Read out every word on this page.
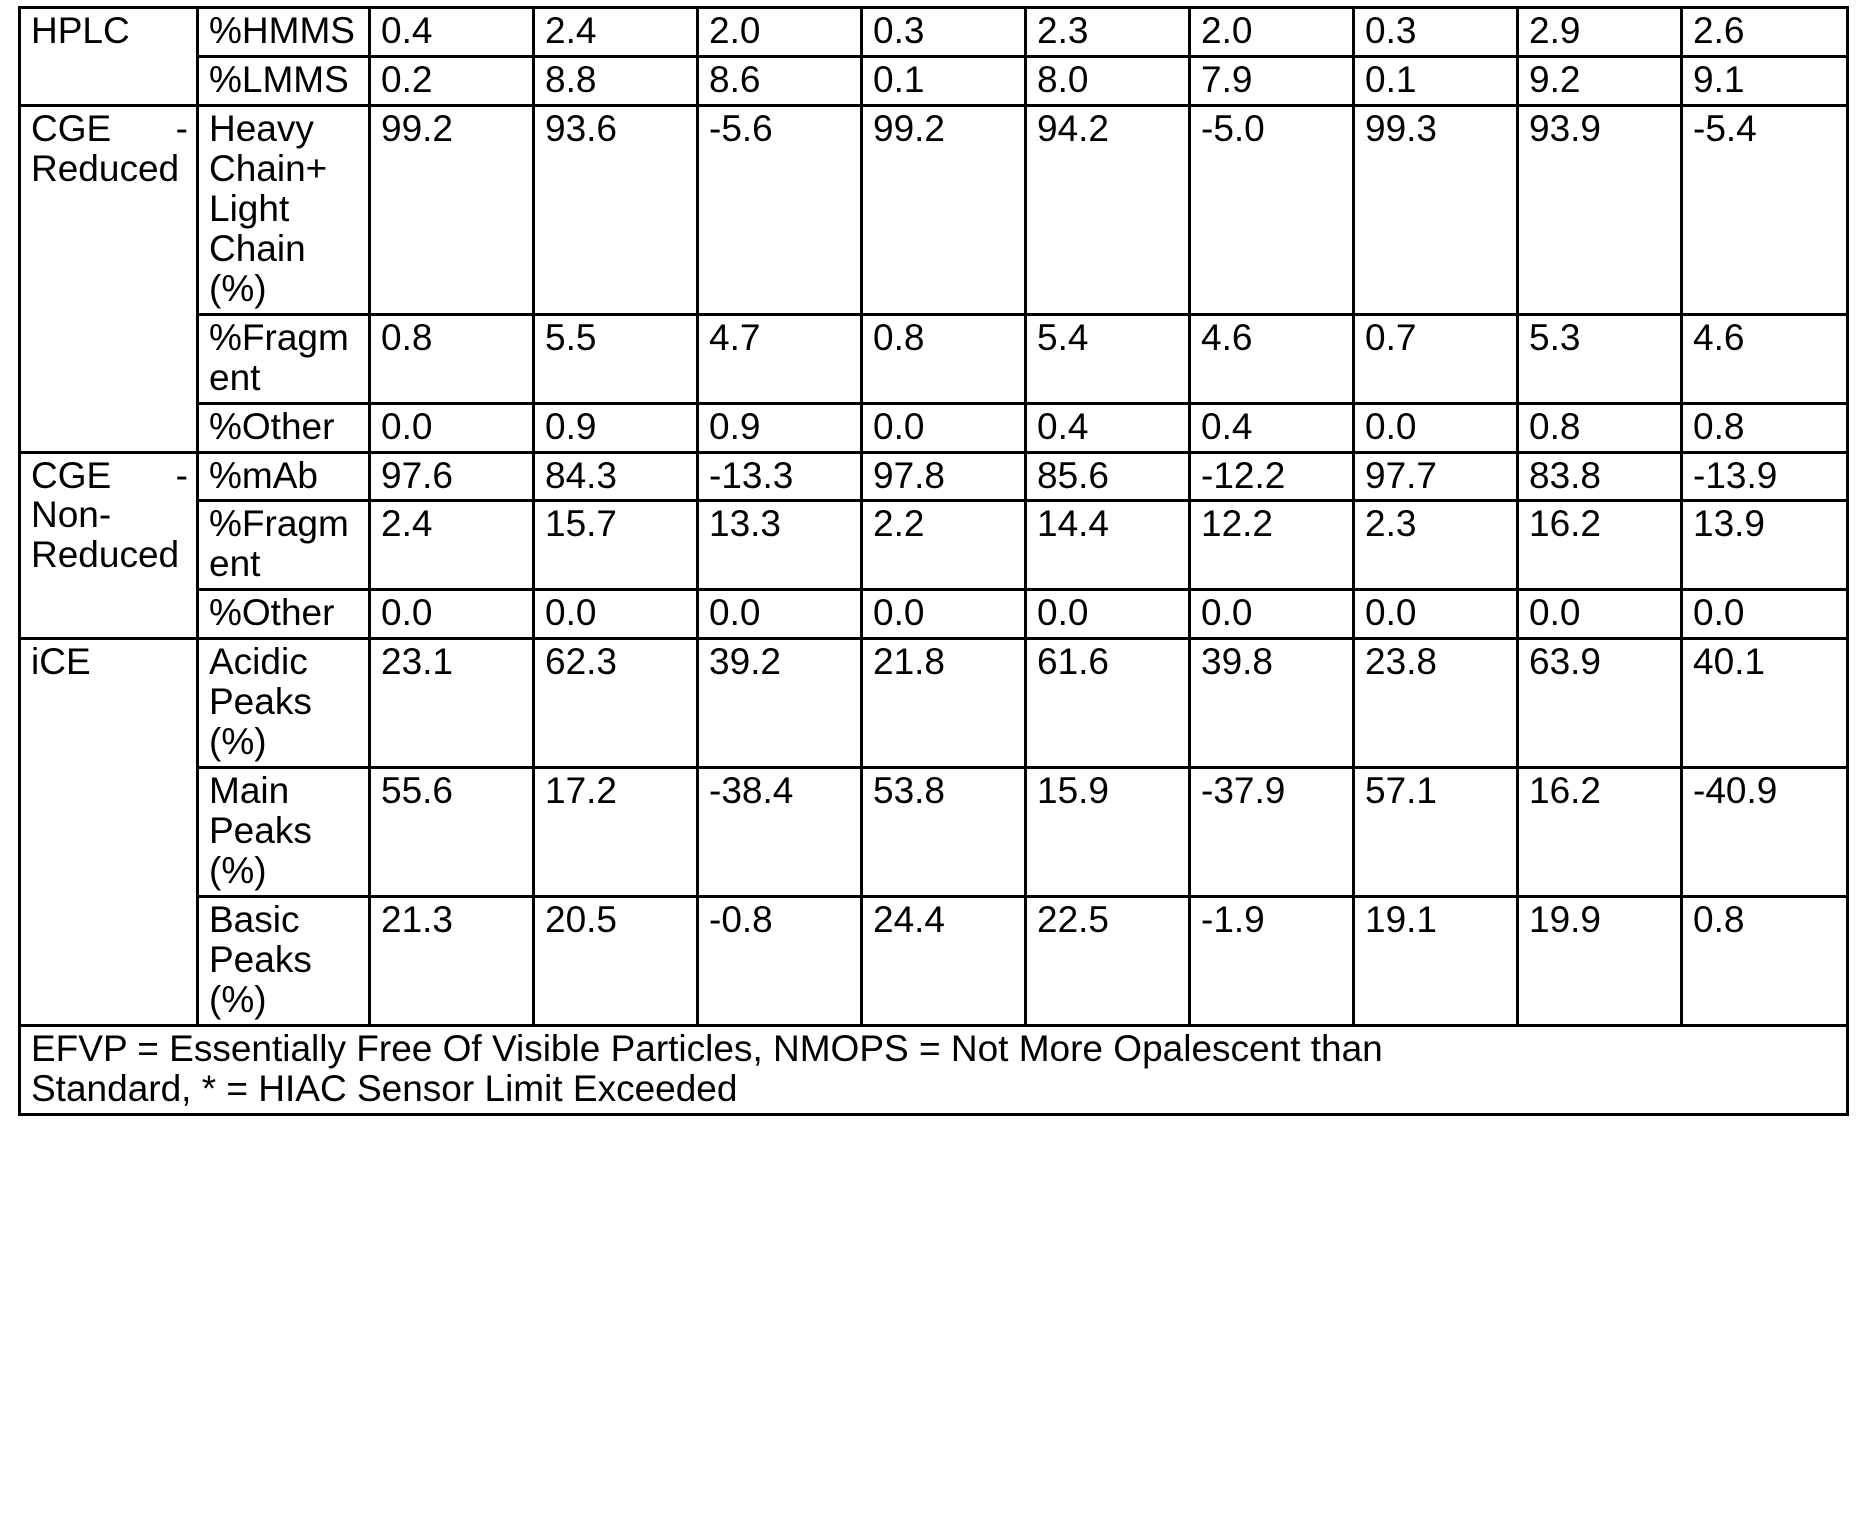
HPLC	%HMMS	0.4	2.4	2.0	0.3	2.3	2.0	0.3	2.9	2.6
	%LMMS	0.2	8.8	8.6	0.1	8.0	7.9	0.1	9.2	9.1
CGE - Reduced	Heavy Chain+ Light Chain (%)	99.2	93.6	-5.6	99.2	94.2	-5.0	99.3	93.9	-5.4
	%Fragment	0.8	5.5	4.7	0.8	5.4	4.6	0.7	5.3	4.6
	%Other	0.0	0.9	0.9	0.0	0.4	0.4	0.0	0.8	0.8
CGE - Non-Reduced	%mAb	97.6	84.3	-13.3	97.8	85.6	-12.2	97.7	83.8	-13.9
	%Fragment	2.4	15.7	13.3	2.2	14.4	12.2	2.3	16.2	13.9
	%Other	0.0	0.0	0.0	0.0	0.0	0.0	0.0	0.0	0.0
iCE	Acidic Peaks (%)	23.1	62.3	39.2	21.8	61.6	39.8	23.8	63.9	40.1
	Main Peaks (%)	55.6	17.2	-38.4	53.8	15.9	-37.9	57.1	16.2	-40.9
	Basic Peaks (%)	21.3	20.5	-0.8	24.4	22.5	-1.9	19.1	19.9	0.8

EFVP = Essentially Free Of Visible Particles, NMOPS = Not More Opalescent than
Standard, * = HIAC Sensor Limit Exceeded										
